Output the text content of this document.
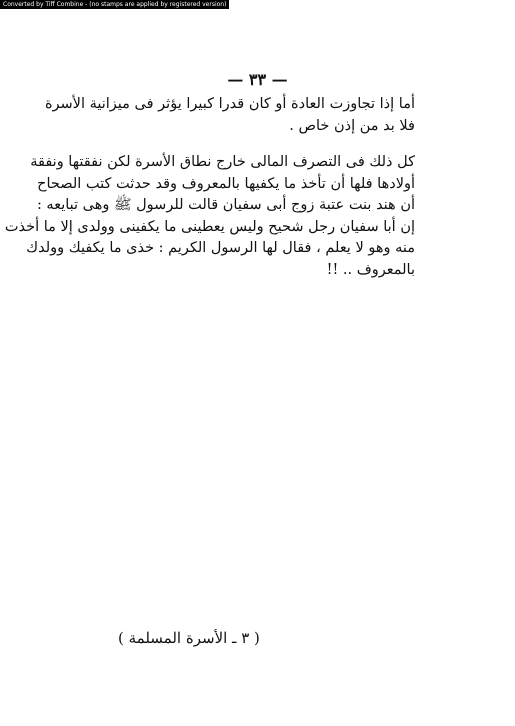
Converted by Tiff Combine - (no stamps are applied by registered version)
— ٣٣ —
أما إذا تجاوزت العادة أو كان قدرا كبيرا يؤثر فى ميزانية الأسرة
فلا بد من إذن خاص .
كل ذلك فى التصرف المالى خارج نطاق الأسرة لكن نفقتها ونفقة
أولادها فلها أن تأخذ ما يكفيها بالمعروف وقد حدثت كتب الصحاح
أن هند بنت عتبة زوج أبى سفيان قالت للرسول ﷺ وهى تبايعه :
إن أبا سفيان رجل شحيح وليس يعطينى ما يكفينى وولدى إلا ما أخذت
منه وهو لا يعلم ، فقال لها الرسول الكريم : خذى ما يكفيك وولدك
بالمعروف .. !!
( ٣ ـ الأسرة المسلمة )
